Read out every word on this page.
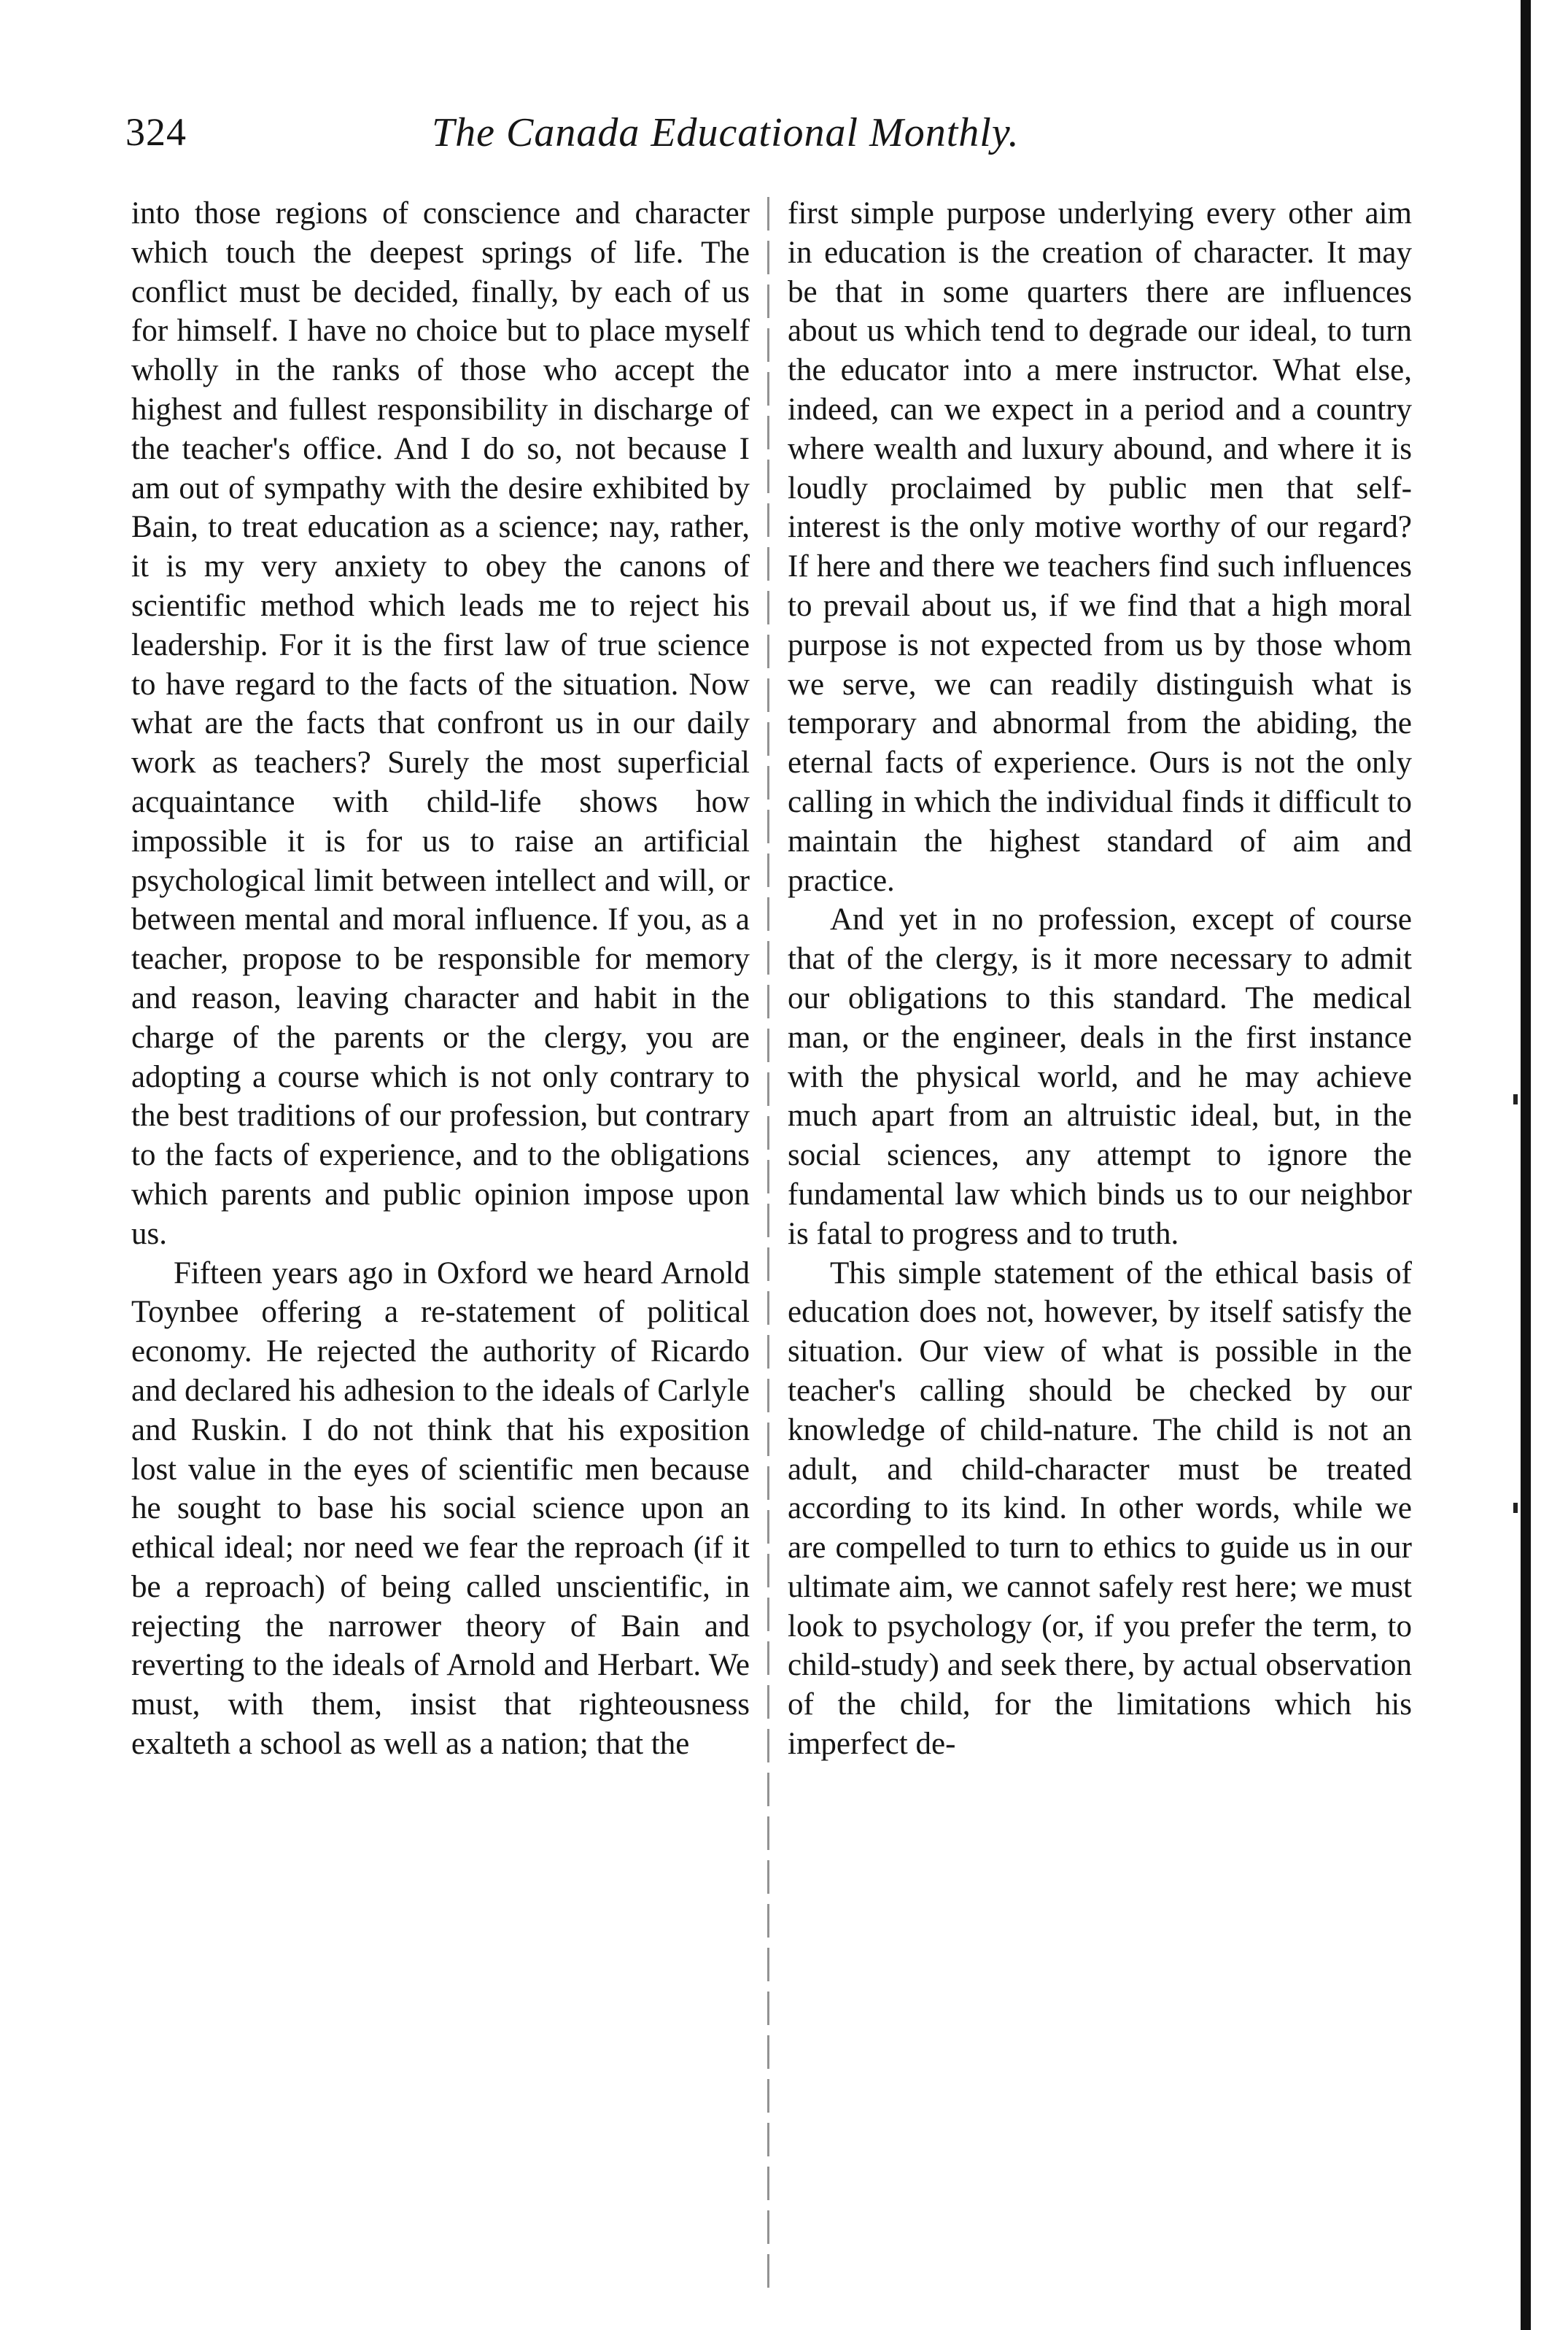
324	The Canada Educational Monthly.

into those regions of conscience and character which touch the deepest springs of life. The conflict must be decided, finally, by each of us for himself. I have no choice but to place myself wholly in the ranks of those who accept the highest and fullest responsibility in discharge of the teacher's office. And I do so, not because I am out of sympathy with the desire exhibited by Bain, to treat education as a science; nay, rather, it is my very anxiety to obey the canons of scientific method which leads me to reject his leadership. For it is the first law of true science to have regard to the facts of the situation. Now what are the facts that confront us in our daily work as teachers? Surely the most superficial acquaintance with child-life shows how impossible it is for us to raise an artificial psychological limit between intellect and will, or between mental and moral influence. If you, as a teacher, propose to be responsible for memory and reason, leaving character and habit in the charge of the parents or the clergy, you are adopting a course which is not only contrary to the best traditions of our profession, but contrary to the facts of experience, and to the obligations which parents and public opinion impose upon us.

Fifteen years ago in Oxford we heard Arnold Toynbee offering a re-statement of political economy. He rejected the authority of Ricardo and declared his adhesion to the ideals of Carlyle and Ruskin. I do not think that his exposition lost value in the eyes of scientific men because he sought to base his social science upon an ethical ideal; nor need we fear the reproach (if it be a reproach) of being called unscientific, in rejecting the narrower theory of Bain and reverting to the ideals of Arnold and Herbart. We must, with them, insist that righteousness exalteth a school as well as a nation; that the

first simple purpose underlying every other aim in education is the creation of character. It may be that in some quarters there are influences about us which tend to degrade our ideal, to turn the educator into a mere instructor. What else, indeed, can we expect in a period and a country where wealth and luxury abound, and where it is loudly proclaimed by public men that self-interest is the only motive worthy of our regard? If here and there we teachers find such influences to prevail about us, if we find that a high moral purpose is not expected from us by those whom we serve, we can readily distinguish what is temporary and abnormal from the abiding, the eternal facts of experience. Ours is not the only calling in which the individual finds it difficult to maintain the highest standard of aim and practice.

And yet in no profession, except of course that of the clergy, is it more necessary to admit our obligations to this standard. The medical man, or the engineer, deals in the first instance with the physical world, and he may achieve much apart from an altruistic ideal, but, in the social sciences, any attempt to ignore the fundamental law which binds us to our neighbor is fatal to progress and to truth.

This simple statement of the ethical basis of education does not, however, by itself satisfy the situation. Our view of what is possible in the teacher's calling should be checked by our knowledge of child-nature. The child is not an adult, and child-character must be treated according to its kind. In other words, while we are compelled to turn to ethics to guide us in our ultimate aim, we cannot safely rest here; we must look to psychology (or, if you prefer the term, to child-study) and seek there, by actual observation of the child, for the limitations which his imperfect de-
